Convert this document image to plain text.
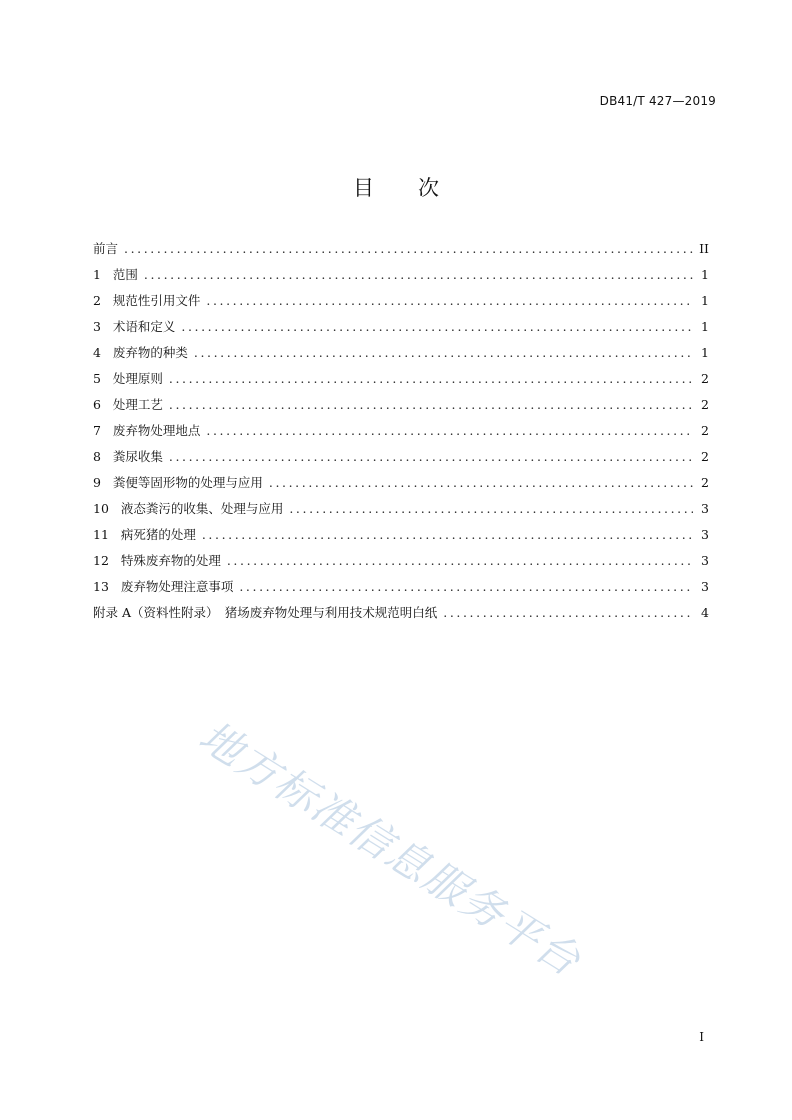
DB41/T 427—2019
目 次
前言 .....	II
1 范围 .....	1
2 规范性引用文件 .....	1
3 术语和定义 .....	1
4 废弃物的种类 .....	1
5 处理原则 .....	2
6 处理工艺 .....	2
7 废弃物处理地点 .....	2
8 粪尿收集 .....	2
9 粪便等固形物的处理与应用 .....	2
10 液态粪污的收集、处理与应用 .....	3
11 病死猪的处理 .....	3
12 特殊废弃物的处理 .....	3
13 废弃物处理注意事项 .....	3
附录 A（资料性附录）　猪场废弃物处理与利用技术规范明白纸 .....	4
地方标准信息服务平台
I
